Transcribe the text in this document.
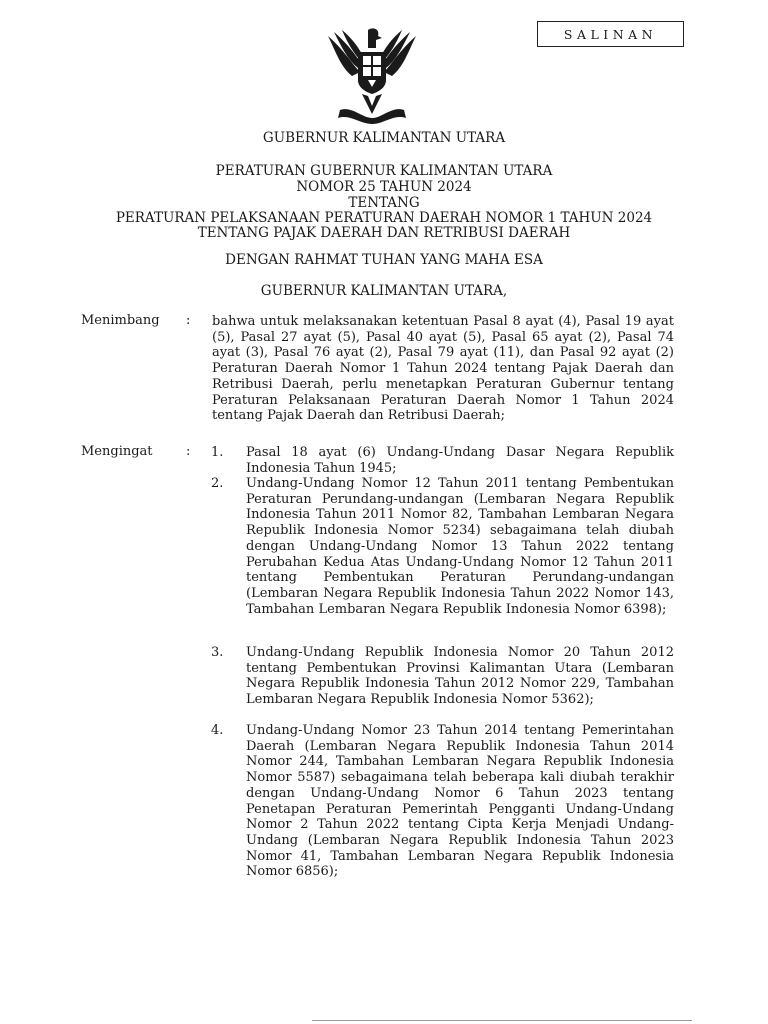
SALINAN
GUBERNUR KALIMANTAN UTARA
PERATURAN GUBERNUR KALIMANTAN UTARA
NOMOR 25 TAHUN 2024
TENTANG
PERATURAN PELAKSANAAN PERATURAN DAERAH NOMOR 1 TAHUN 2024
TENTANG PAJAK DAERAH DAN RETRIBUSI DAERAH
DENGAN RAHMAT TUHAN YANG MAHA ESA
GUBERNUR KALIMANTAN UTARA,
Menimbang : bahwa untuk melaksanakan ketentuan Pasal 8 ayat (4), Pasal 19 ayat (5), Pasal 27 ayat (5), Pasal 40 ayat (5), Pasal 65 ayat (2), Pasal 74 ayat (3), Pasal 76 ayat (2), Pasal 79 ayat (11), dan Pasal 92 ayat (2) Peraturan Daerah Nomor 1 Tahun 2024 tentang Pajak Daerah dan Retribusi Daerah, perlu menetapkan Peraturan Gubernur tentang Peraturan Pelaksanaan Peraturan Daerah Nomor 1 Tahun 2024 tentang Pajak Daerah dan Retribusi Daerah;
Mengingat	: 1. Pasal 18 ayat (6) Undang-Undang Dasar Negara Republik Indonesia Tahun 1945;
2. Undang-Undang Nomor 12 Tahun 2011 tentang Pembentukan Peraturan Perundang-undangan (Lembaran Negara Republik Indonesia Tahun 2011 Nomor 82, Tambahan Lembaran Negara Republik Indonesia Nomor 5234) sebagaimana telah diubah dengan Undang-Undang Nomor 13 Tahun 2022 tentang Perubahan Kedua Atas Undang-Undang Nomor 12 Tahun 2011 tentang Pembentukan Peraturan Perundang-undangan (Lembaran Negara Republik Indonesia Tahun 2022 Nomor 143, Tambahan Lembaran Negara Republik Indonesia Nomor 6398);
3. Undang-Undang Republik Indonesia Nomor 20 Tahun 2012 tentang Pembentukan Provinsi Kalimantan Utara (Lembaran Negara Republik Indonesia Tahun 2012 Nomor 229, Tambahan Lembaran Negara Republik Indonesia Nomor 5362);
4. Undang-Undang Nomor 23 Tahun 2014 tentang Pemerintahan Daerah (Lembaran Negara Republik Indonesia Tahun 2014 Nomor 244, Tambahan Lembaran Negara Republik Indonesia Nomor 5587) sebagaimana telah beberapa kali diubah terakhir dengan Undang-Undang Nomor 6 Tahun 2023 tentang Penetapan Peraturan Pemerintah Pengganti Undang-Undang Nomor 2 Tahun 2022 tentang Cipta Kerja Menjadi Undang-Undang (Lembaran Negara Republik Indonesia Tahun 2023 Nomor 41, Tambahan Lembaran Negara Republik Indonesia Nomor 6856);
